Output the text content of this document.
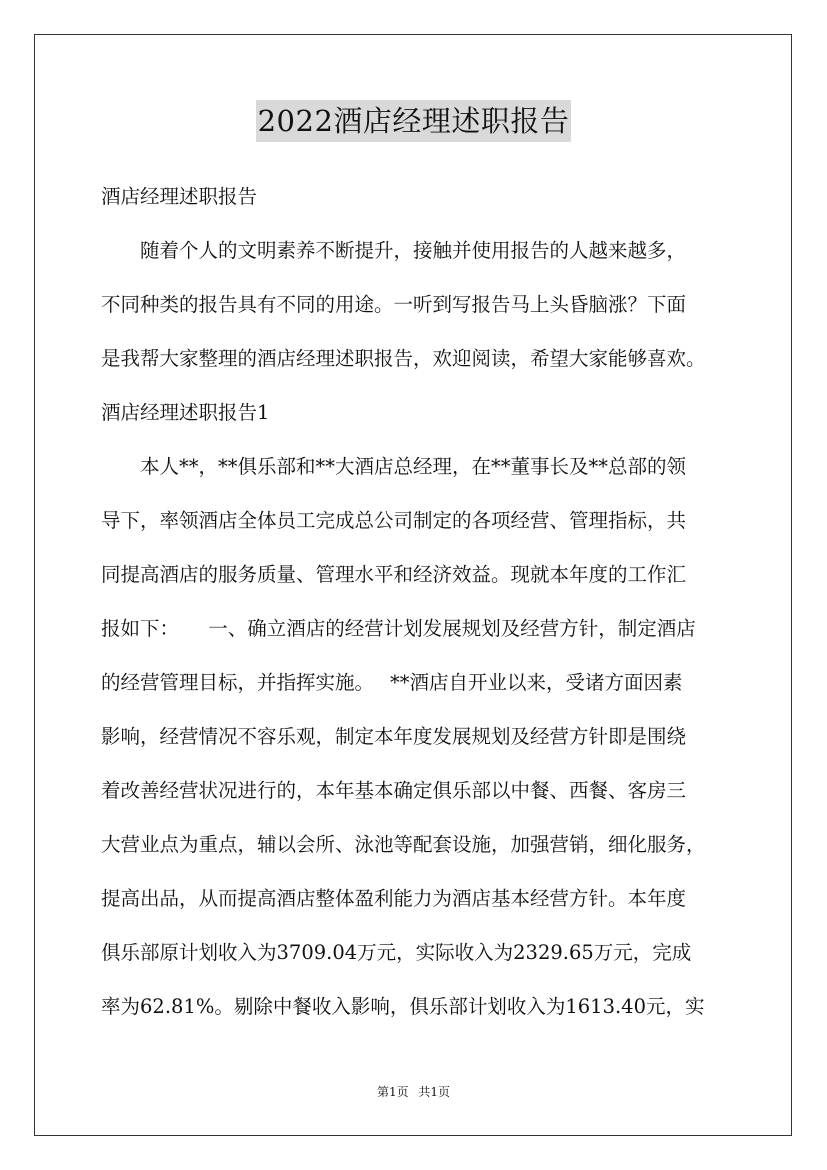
2022酒店经理述职报告
酒店经理述职报告
　　随着个人的文明素养不断提升，接触并使用报告的人越来越多，
不同种类的报告具有不同的用途。一听到写报告马上头昏脑涨？下面
是我帮大家整理的酒店经理述职报告，欢迎阅读，希望大家能够喜欢。
酒店经理述职报告1
　　本人**，**俱乐部和**大酒店总经理，在**董事长及**总部的领
导下，率领酒店全体员工完成总公司制定的各项经营、管理指标，共
同提高酒店的服务质量、管理水平和经济效益。现就本年度的工作汇
报如下：　　一、确立酒店的经营计划发展规划及经营方针，制定酒店
的经营管理目标，并指挥实施。　 **酒店自开业以来，受诸方面因素
影响，经营情况不容乐观，制定本年度发展规划及经营方针即是围绕
着改善经营状况进行的，本年基本确定俱乐部以中餐、西餐、客房三
大营业点为重点，辅以会所、泳池等配套设施，加强营销，细化服务，
提高出品，从而提高酒店整体盈利能力为酒店基本经营方针。本年度
俱乐部原计划收入为3709.04万元，实际收入为2329.65万元，完成
率为62.81%。剔除中餐收入影响，俱乐部计划收入为1613.40元，实
第1页 共1页
